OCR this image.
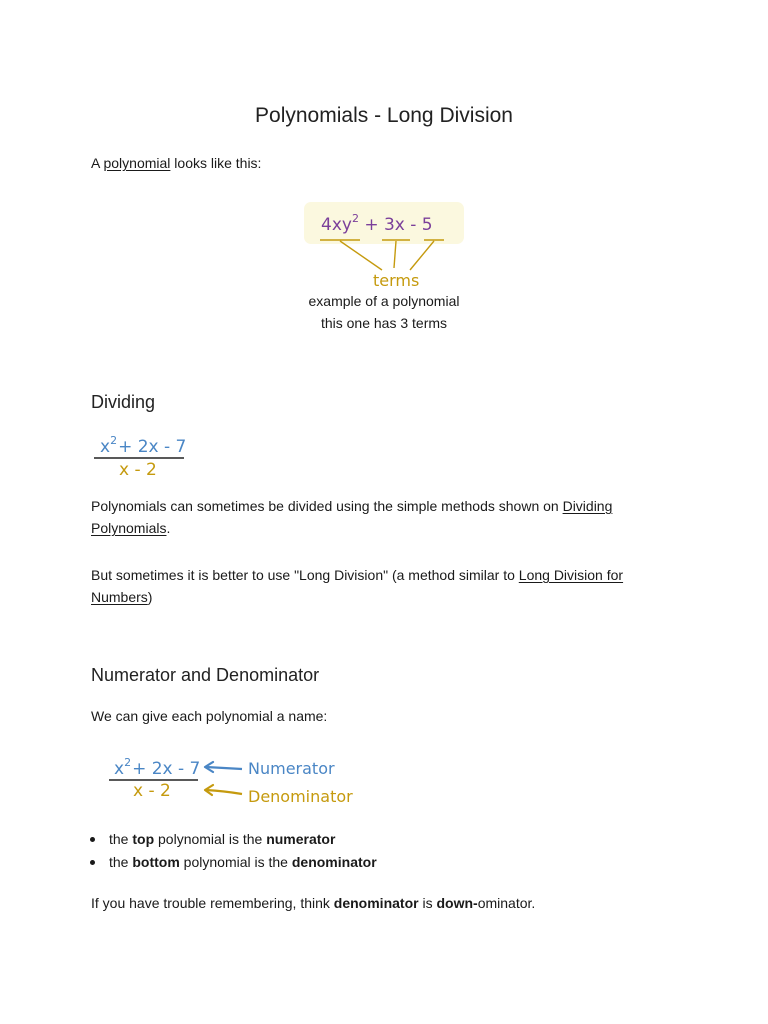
Polynomials - Long Division
A polynomial looks like this:
$4xy^2 + 3x - 5$
terms
example of a polynomial
this one has 3 terms
Dividing
$x^2+ 2x - 7$
x - 2
Polynomials can sometimes be divided using the simple methods shown on Dividing Polynomials.
But sometimes it is better to use "Long Division" (a method similar to Long Division for Numbers)
Numerator and Denominator
We can give each polynomial a name:
$x^2+ 2x - 7$
x - 2
Numerator
Denominator
the top polynomial is the numerator
the bottom polynomial is the denominator
If you have trouble remembering, think denominator is down-ominator.
